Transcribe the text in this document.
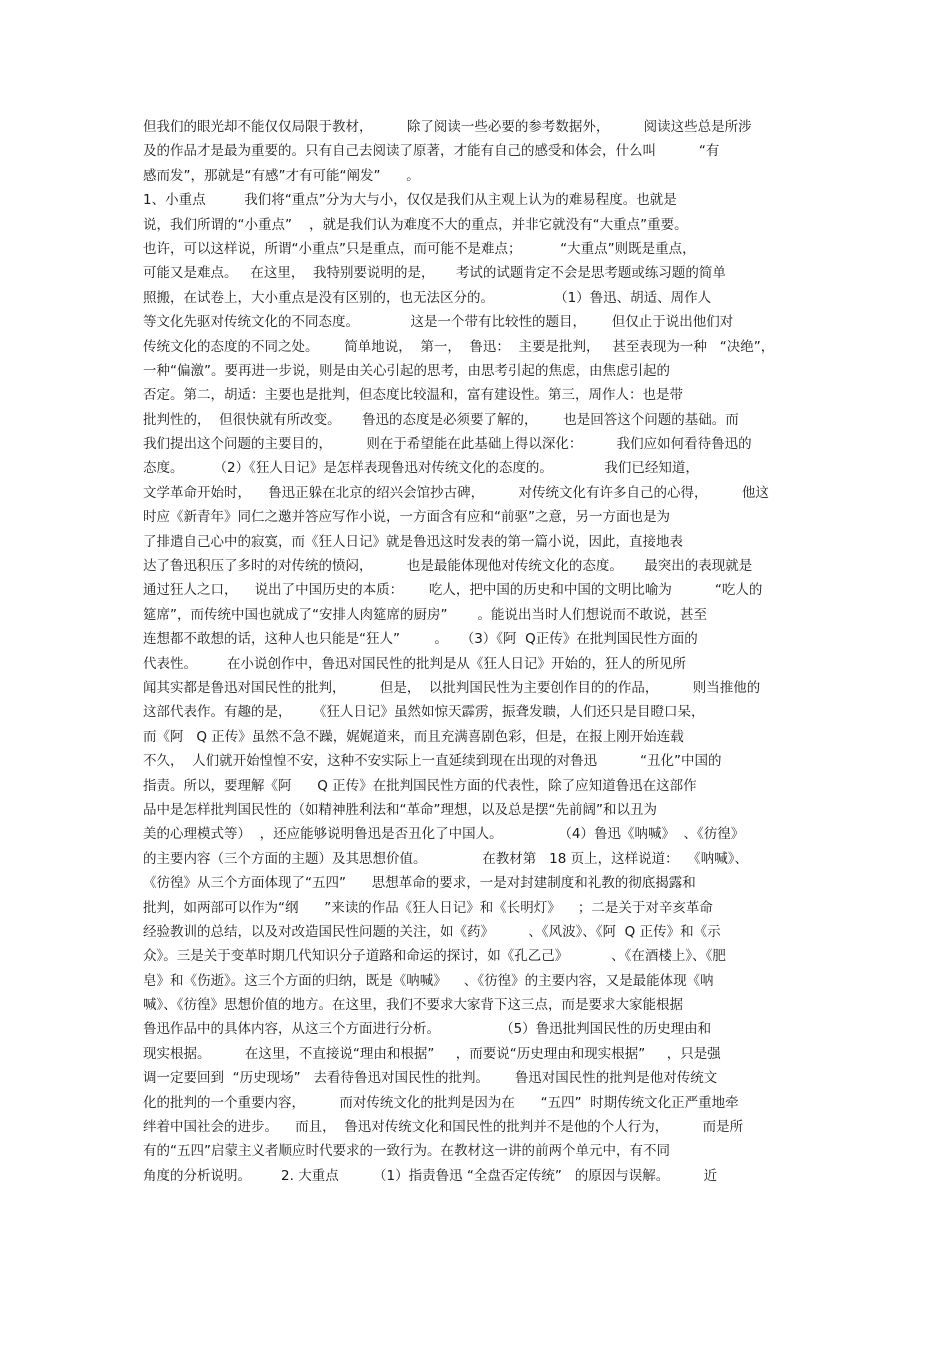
但我们的眼光却不能仅仅局限于教材，        除了阅读一些必要的参考数据外，        阅读这些总是所涉
及的作品才是最为重要的。只有自己去阅读了原著，才能有自己的感受和体会，什么叫          “有
感而发”，那就是“有感”才有可能“阐发”      。
1、小重点         我们将“重点”分为大与小，仅仅是我们从主观上认为的难易程度。也就是
说，我们所谓的“小重点”    ，就是我们认为难度不大的重点，并非它就没有“大重点”重要。
也许，可以这样说，所谓“小重点”只是重点，而可能不是难点；         “大重点”则既是重点，
可能又是难点。   在这里，  我特别要说明的是，     考试的试题肯定不会是思考题或练习题的简单
照搬，在试卷上，大小重点是没有区别的，也无法区分的。              （1）鲁迅、胡适、周作人
等文化先驱对传统文化的不同态度。            这是一个带有比较性的题目，      但仅止于说出他们对
传统文化的态度的不同之处。      简单地说，  第一，  鲁迅：  主要是批判，   甚至表现为一种   “决绝”，
一种“偏激”。要再进一步说，则是由关心引起的思考，由思考引起的焦虑，由焦虑引起的
否定。第二，胡适：主要也是批判，但态度比较温和，富有建设性。第三，周作人：也是带
批判性的，  但很快就有所改变。     鲁迅的态度是必须要了解的，      也是回答这个问题的基础。而
我们提出这个问题的主要目的，        则在于希望能在此基础上得以深化：        我们应如何看待鲁迅的
态度。       （2）《狂人日记》是怎样表现鲁迅对传统文化的态度的。            我们已经知道，
文学革命开始时，    鲁迅正躲在北京的绍兴会馆抄古碑，        对传统文化有许多自己的心得，        他这
时应《新青年》同仁之邀并答应写作小说，一方面含有应和“前驱”之意，另一方面也是为
了排遣自己心中的寂寞，而《狂人日记》就是鲁迅这时发表的第一篇小说，因此，直接地表
达了鲁迅积压了多时的对传统的愤闷，        也是最能体现他对传统文化的态度。     最突出的表现就是
通过狂人之口，    说出了中国历史的本质：      吃人，把中国的历史和中国的文明比喻为          “吃人的
筵席”，而传统中国也就成了“安排人肉筵席的厨房”       。能说出当时人们想说而不敢说，甚至
连想都不敢想的话，这种人也只能是“狂人”        。   （3）《阿  Q正传》在批判国民性方面的
代表性。       在小说创作中，鲁迅对国民性的批判是从《狂人日记》开始的，狂人的所见所
闻其实都是鲁迅对国民性的批判，        但是，  以批判国民性为主要创作目的的作品，        则当推他的
这部代表作。有趣的是，     《狂人日记》虽然如惊天霹雳，振聋发聩，人们还只是目瞪口呆，
而《阿   Q 正传》虽然不急不躁，娓娓道来，而且充满喜剧色彩，但是，在报上刚开始连载
不久，  人们就开始惶惶不安，这种不安实际上一直延续到现在出现的对鲁迅          “丑化”中国的
指责。所以，要理解《阿      Q 正传》在批判国民性方面的代表性，除了应知道鲁迅在这部作
品中是怎样批判国民性的（如精神胜利法和“革命”理想，以及总是摆“先前阔”和以丑为
美的心理模式等）  ，还应能够说明鲁迅是否丑化了中国人。             （4）鲁迅《呐喊》  、《彷徨》
的主要内容（三个方面的主题）及其思想价值。             在教材第   18 页上，这样说道：  《呐喊》、
《彷徨》从三个方面体现了“五四”      思想革命的要求，一是对封建制度和礼教的彻底揭露和
批判，如两部可以作为“纲      ”来读的作品《狂人日记》和《长明灯》    ；二是关于对辛亥革命
经验教训的总结，以及对改造国民性问题的关注，如《药》        、《风波》、《阿  Q 正传》和《示
众》。三是关于变革时期几代知识分子道路和命运的探讨，如《孔乙己》          、《在酒楼上》、《肥
皂》和《伤逝》。这三个方面的归纳，既是《呐喊》    、《彷徨》的主要内容，又是最能体现《呐
喊》、《彷徨》思想价值的地方。在这里，我们不要求大家背下这三点，而是要求大家能根据
鲁迅作品中的具体内容，从这三个方面进行分析。              （5）鲁迅批判国民性的历史理由和
现实根据。        在这里，不直接说“理由和根据”     ，而要说“历史理由和现实根据”     ，只是强
调一定要回到  “历史现场”   去看待鲁迅对国民性的批判。      鲁迅对国民性的批判是他对传统文
化的批判的一个重要内容，        而对传统文化的批判是因为在      “五四”  时期传统文化正严重地牵
绊着中国社会的进步。    而且，  鲁迅对传统文化和国民性的批判并不是他的个人行为，        而是所
有的“五四”启蒙主义者顺应时代要求的一致行为。在教材这一讲的前两个单元中，有不同
角度的分析说明。       2. 大重点        （1）指责鲁迅 “全盘否定传统”   的原因与误解。        近
